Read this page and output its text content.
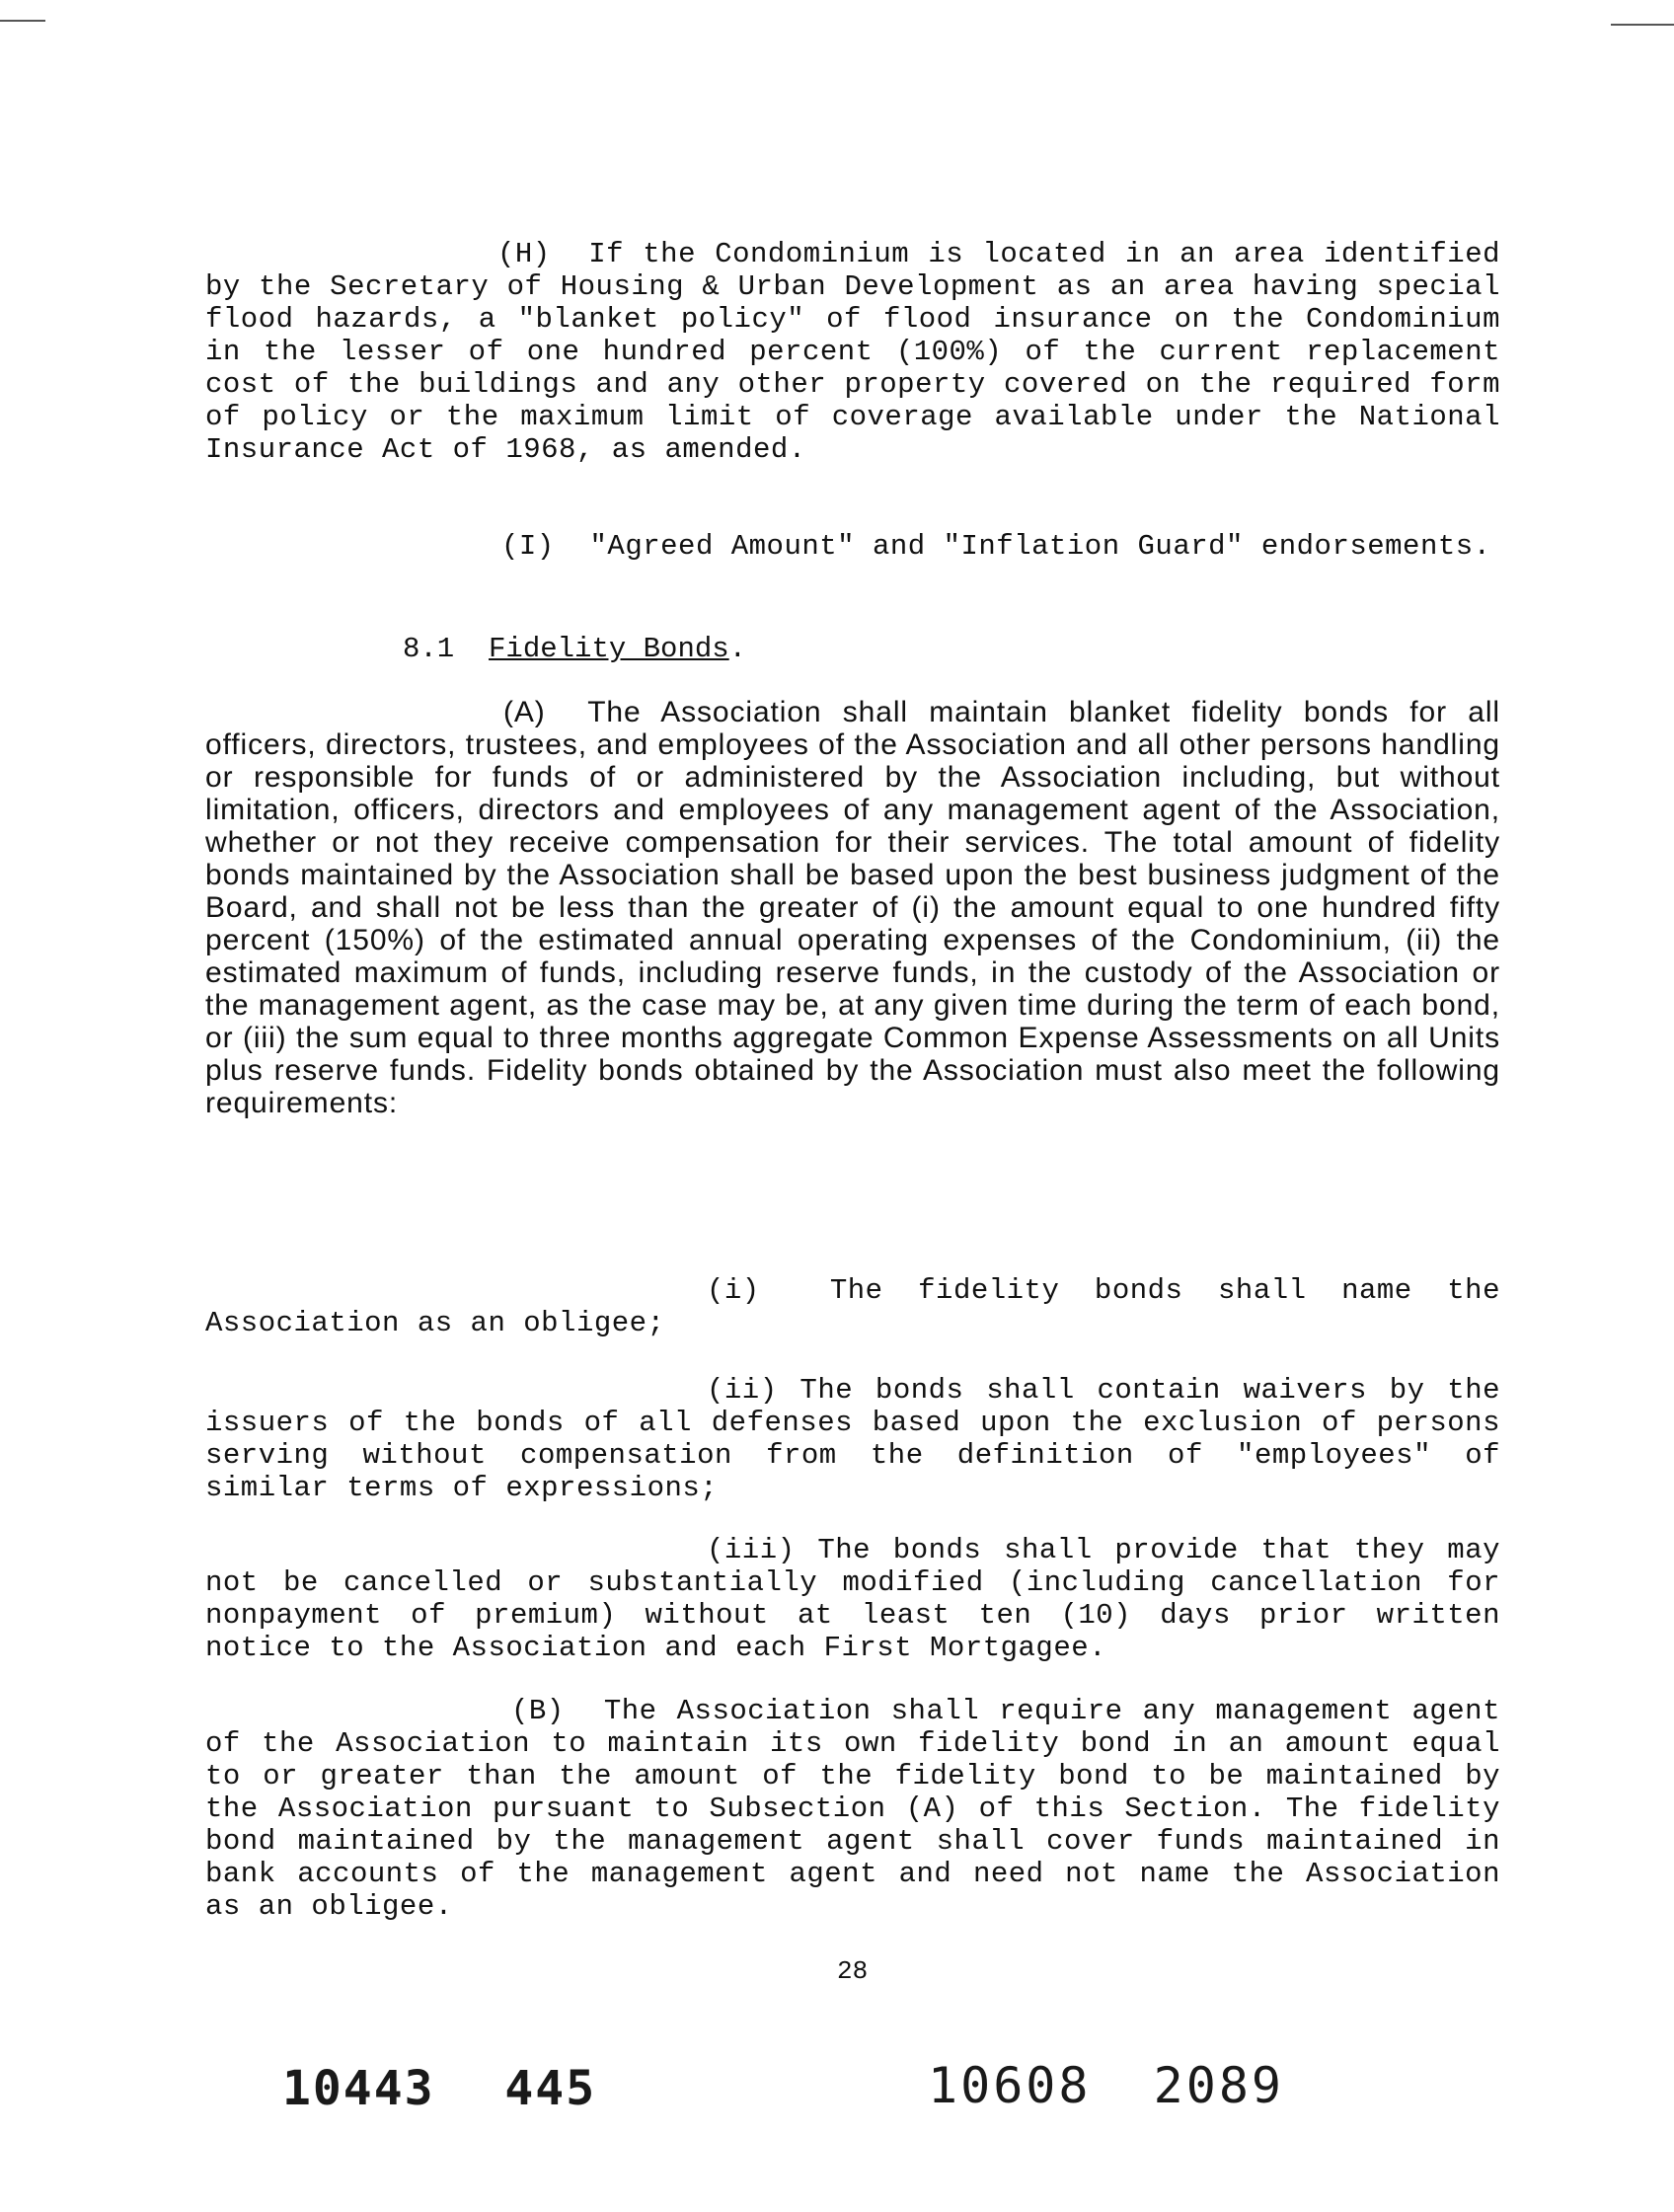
(H) If the Condominium is located in an area identified by the Secretary of Housing & Urban Development as an area having special flood hazards, a "blanket policy" of flood insurance on the Condominium in the lesser of one hundred percent (100%) of the current replacement cost of the buildings and any other property covered on the required form of policy or the maximum limit of coverage available under the National Insurance Act of 1968, as amended.
(I) "Agreed Amount" and "Inflation Guard" endorsements.
8.1 Fidelity Bonds.
(A) The Association shall maintain blanket fidelity bonds for all officers, directors, trustees, and employees of the Association and all other persons handling or responsible for funds of or administered by the Association including, but without limitation, officers, directors and employees of any management agent of the Association, whether or not they receive compensation for their services. The total amount of fidelity bonds maintained by the Association shall be based upon the best business judgment of the Board, and shall not be less than the greater of (i) the amount equal to one hundred fifty percent (150%) of the estimated annual operating expenses of the Condominium, (ii) the estimated maximum of funds, including reserve funds, in the custody of the Association or the management agent, as the case may be, at any given time during the term of each bond, or (iii) the sum equal to three months aggregate Common Expense Assessments on all Units plus reserve funds. Fidelity bonds obtained by the Association must also meet the following requirements:
(i) The fidelity bonds shall name the Association as an obligee;
(ii) The bonds shall contain waivers by the issuers of the bonds of all defenses based upon the exclusion of persons serving without compensation from the definition of "employees" of similar terms of expressions;
(iii) The bonds shall provide that they may not be cancelled or substantially modified (including cancellation for nonpayment of premium) without at least ten (10) days prior written notice to the Association and each First Mortgagee.
(B) The Association shall require any management agent of the Association to maintain its own fidelity bond in an amount equal to or greater than the amount of the fidelity bond to be maintained by the Association pursuant to Subsection (A) of this Section. The fidelity bond maintained by the management agent shall cover funds maintained in bank accounts of the management agent and need not name the Association as an obligee.
28
10443 445	10608 2089
